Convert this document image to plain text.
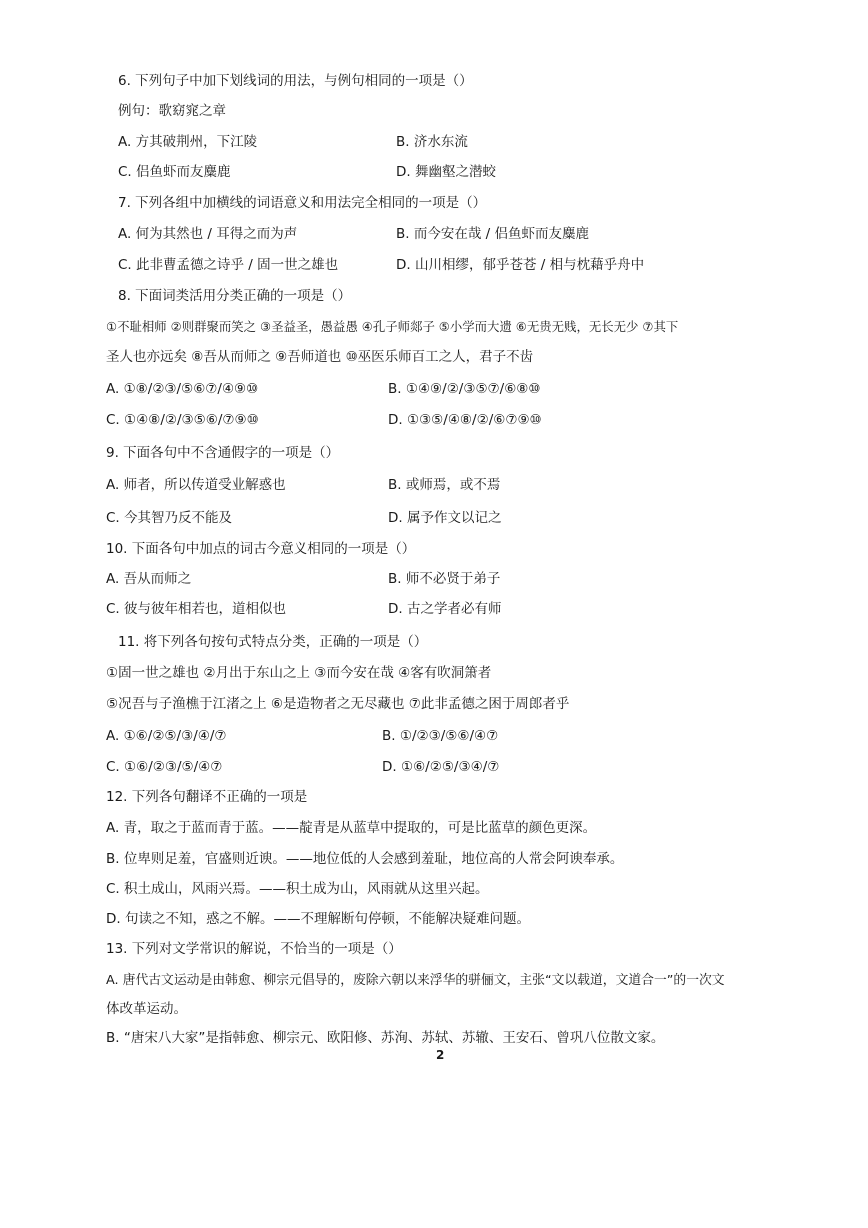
6. 下列句子中加下划线词的用法，与例句相同的一项是（）
例句：歌窈窕之章
A. 方其破荆州，下江陵	B. 济水东流
C. 侣鱼虾而友麋鹿	D. 舞幽壑之潜蛟
7. 下列各组中加横线的词语意义和用法完全相同的一项是（）
A. 何为其然也 / 耳得之而为声	B. 而今安在哉 / 侣鱼虾而友麋鹿
C. 此非曹孟德之诗乎 / 固一世之雄也	D. 山川相缪，郁乎苍苍 / 相与枕藉乎舟中
8. 下面词类活用分类正确的一项是（）
①不耻相师 ②则群聚而笑之 ③圣益圣，愚益愚 ④孔子师郯子 ⑤小学而大遗 ⑥无贵无贱，无长无少 ⑦其下
圣人也亦远矣 ⑧吾从而师之 ⑨吾师道也 ⑩巫医乐师百工之人，君子不齿
A. ①⑧/②③/⑤⑥⑦/④⑨⑩	B. ①④⑨/②/③⑤⑦/⑥⑧⑩
C. ①④⑧/②/③⑤⑥/⑦⑨⑩	D. ①③⑤/④⑧/②/⑥⑦⑨⑩
9. 下面各句中不含通假字的一项是（）
A. 师者，所以传道受业解惑也	B. 或师焉，或不焉
C. 今其智乃反不能及	D. 属予作文以记之
10. 下面各句中加点的词古今意义相同的一项是（）
A. 吾从而师之	B. 师不必贤于弟子
C. 彼与彼年相若也，道相似也	D. 古之学者必有师
11. 将下列各句按句式特点分类，正确的一项是（）
①固一世之雄也 ②月出于东山之上 ③而今安在哉 ④客有吹洞箫者
⑤况吾与子渔樵于江渚之上 ⑥是造物者之无尽藏也 ⑦此非孟德之困于周郎者乎
A. ①⑥/②⑤/③/④/⑦	B. ①/②③/⑤⑥/④⑦
C. ①⑥/②③/⑤/④⑦	D. ①⑥/②⑤/③④/⑦
12. 下列各句翻译不正确的一项是
A. 青，取之于蓝而青于蓝。——靛青是从蓝草中提取的，可是比蓝草的颜色更深。
B. 位卑则足羞，官盛则近谀。——地位低的人会感到羞耻，地位高的人常会阿谀奉承。
C. 积土成山，风雨兴焉。——积土成为山，风雨就从这里兴起。
D. 句读之不知，惑之不解。——不理解断句停顿，不能解决疑难问题。
13. 下列对文学常识的解说，不恰当的一项是（）
A. 唐代古文运动是由韩愈、柳宗元倡导的，废除六朝以来浮华的骈俪文，主张“文以载道，文道合一”的一次文
体改革运动。
B. “唐宋八大家”是指韩愈、柳宗元、欧阳修、苏洵、苏轼、苏辙、王安石、曾巩八位散文家。
2
